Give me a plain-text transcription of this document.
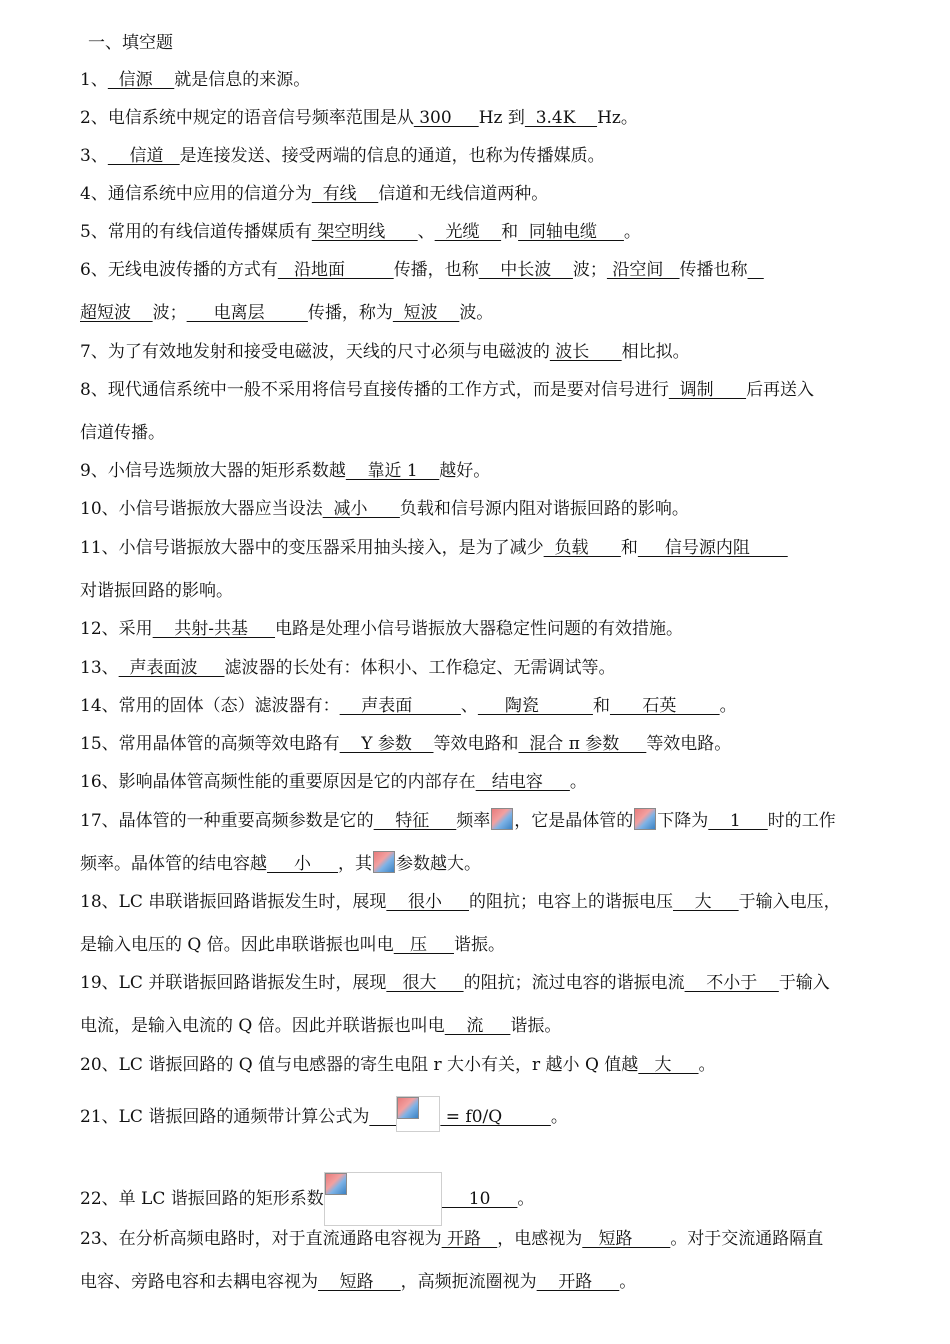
一、填空题
1、  信源    就是信息的来源。
2、电信系统中规定的语音信号频率范围是从 300     Hz 到  3.4K    Hz。
3、    信道   是连接发送、接受两端的信息的通道，也称为传播媒质。
4、通信系统中应用的信道分为  有线    信道和无线信道两种。
5、常用的有线信道传播媒质有 架空明线      、  光缆    和  同轴电缆     。
6、无线电波传播的方式有   沿地面         传播，也称    中长波    波； 沿空间   传播也称
超短波    波；     电离层        传播，称为  短波    波。
7、为了有效地发射和接受电磁波，天线的尺寸必须与电磁波的 波长      相比拟。
8、现代通信系统中一般不采用将信号直接传播的工作方式，而是要对信号进行  调制      后再送入
信道传播。
9、小信号选频放大器的矩形系数越    靠近 1    越好。
10、小信号谐振放大器应当设法  减小      负载和信号源内阻对谐振回路的影响。
11、小信号谐振放大器中的变压器采用抽头接入，是为了减少  负载      和     信号源内阻
对谐振回路的影响。
12、采用    共射-共基     电路是处理小信号谐振放大器稳定性问题的有效措施。
13、  声表面波     滤波器的长处有：体积小、工作稳定、无需调试等。
14、常用的固体（态）滤波器有：    声表面         、     陶瓷          和      石英        。
15、常用晶体管的高频等效电路有    Y 参数    等效电路和  混合 π 参数     等效电路。
16、影响晶体管高频性能的重要原因是它的内部存在   结电容     。
17、晶体管的一种重要高频参数是它的    特征     频率 ，它是晶体管的 下降为    1     时的工作
频率。晶体管的结电容越     小     ，其 参数越大。
18、LC 串联谐振回路谐振发生时，展现    很小     的阻抗；电容上的谐振电压    大     于输入电压，
是输入电压的 Q 倍。因此串联谐振也叫电   压     谐振。
19、LC 并联谐振回路谐振发生时，展现   很大     的阻抗；流过电容的谐振电流    不小于    于输入
电流，是输入电流的 Q 倍。因此并联谐振也叫电    流     谐振。
20、LC 谐振回路的 Q 值与电感器的寄生电阻 r 大小有关，r 越小 Q 值越   大     。
21、LC 谐振回路的通频带计算公式为	= f0/Q         。
22、单 LC 谐振回路的矩形系数	10     。
23、在分析高频电路时，对于直流通路电容视为 开路   ，电感视为   短路       。对于交流通路隔直
电容、旁路电容和去耦电容视为    短路     ，高频扼流圈视为    开路     。
